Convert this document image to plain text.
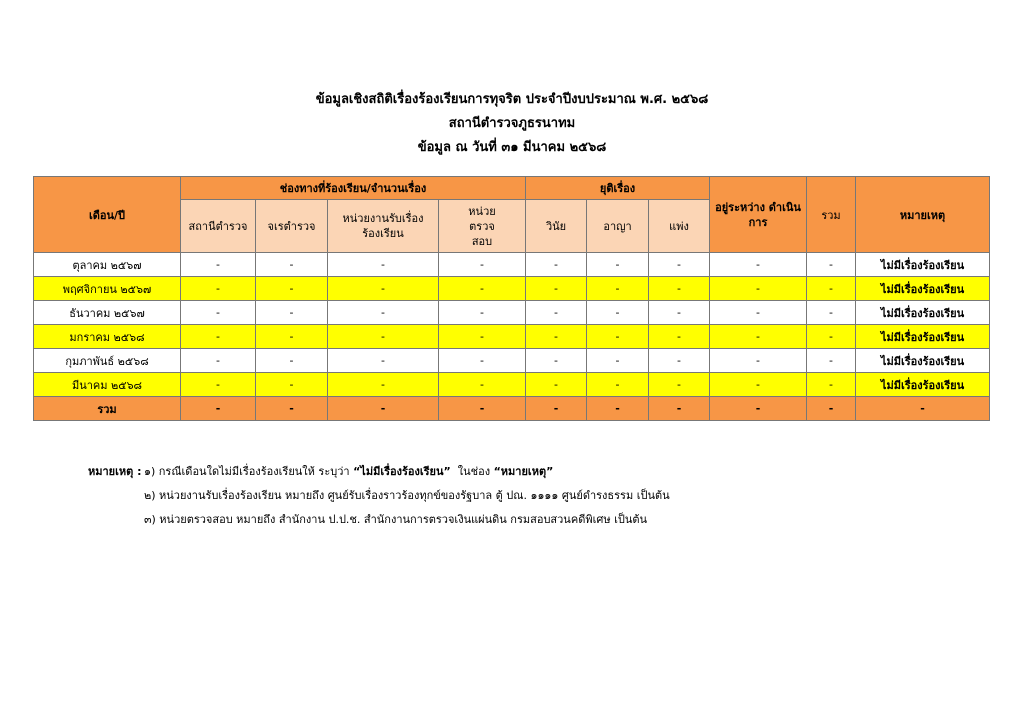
ข้อมูลเชิงสถิติเรื่องร้องเรียนการทุจริต ประจำปีงบประมาณ พ.ศ. ๒๕๖๘
สถานีตำรวจภูธรนาทม
ข้อมูล ณ วันที่ ๓๑ มีนาคม ๒๕๖๘
เดือน/ปี	ช่องทางที่ร้องเรียน/จำนวนเรื่อง				ยุติเรื่อง			อยู่ระหว่าง ดำเนินการ	รวม	หมายเหตุ
	สถานีตำรวจ	จเรตำรวจ	หน่วยงานรับเรื่องร้องเรียน	หน่วยตรวจสอบ	วินัย	อาญา	แพ่ง			
ตุลาคม ๒๕๖๗	-	-	-	-	-	-	-	-	-	ไม่มีเรื่องร้องเรียน
พฤศจิกายน ๒๕๖๗	-	-	-	-	-	-	-	-	-	ไม่มีเรื่องร้องเรียน
ธันวาคม ๒๕๖๗	-	-	-	-	-	-	-	-	-	ไม่มีเรื่องร้องเรียน
มกราคม ๒๕๖๘	-	-	-	-	-	-	-	-	-	ไม่มีเรื่องร้องเรียน
กุมภาพันธ์ ๒๕๖๘	-	-	-	-	-	-	-	-	-	ไม่มีเรื่องร้องเรียน
มีนาคม ๒๕๖๘	-	-	-	-	-	-	-	-	-	ไม่มีเรื่องร้องเรียน
รวม	-	-	-	-	-	-	-	-	-	-
หมายเหตุ : ๑) กรณีเดือนใดไม่มีเรื่องร้องเรียนให้ ระบุว่า “ไม่มีเรื่องร้องเรียน” ในช่อง “หมายเหตุ”
๒) หน่วยงานรับเรื่องร้องเรียน หมายถึง ศูนย์รับเรื่องราวร้องทุกข์ของรัฐบาล ตู้ ปณ. ๑๑๑๑ ศูนย์ดำรงธรรม เป็นต้น
๓) หน่วยตรวจสอบ หมายถึง สำนักงาน ป.ป.ช. สำนักงานการตรวจเงินแผ่นดิน กรมสอบสวนคดีพิเศษ เป็นต้น
